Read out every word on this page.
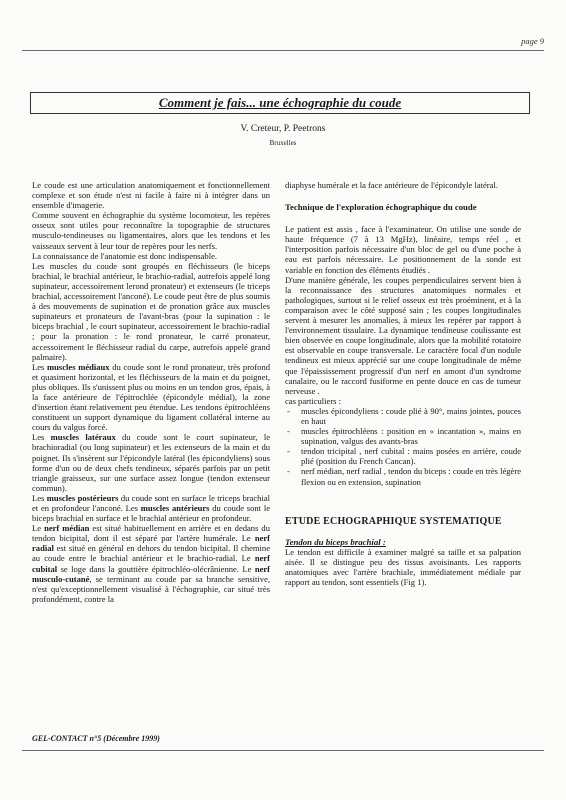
page 9
Comment je fais... une échographie du coude
V. Creteur, P. Peetrons
Bruxelles

Le coude est une articulation anatomiquement et fonctionnellement complexe et son étude n'est ni facile à faire ni à intégrer dans un ensemble d'imagerie.

Comme souvent en échographie du système locomoteur, les repères osseux sont utiles pour reconnaître la topographie de structures musculo-tendineuses ou ligamentaires, alors que les tendons et les vaisseaux servent à leur tour de repères pour les nerfs.

La connaissance de l'anatomie est donc indispensable.

Les muscles du coude sont groupés en fléchisseurs (le biceps brachial, le brachial antérieur, le brachio-radial, autrefois appelé long supinateur, accessoirement lerond pronateur) et extenseurs (le triceps brachial, accessoirement l'anconé). Le coude peut être de plus soumis à des mouvements de supination et de pronation grâce aux muscles supinateurs et pronateurs de l'avant-bras (pour la supination : le biceps brachial , le court supinateur, accessoirement le brachio-radial ; pour la pronation : le rond pronateur, le carré pronateur, accessoirement le fléchisseur radial du carpe, autrefois appelé grand palmaire).

Les muscles médiaux du coude sont le rond pronateur, très profond et quasiment horizontal, et les fléchisseurs de la main et du poignet, plus obliques. Ils s'unissent plus ou moins en un tendon gros, épais, à la face antérieure de l'épitrochlée (épicondyle médial), la zone d'insertion étant relativement peu étendue. Les tendons épitrochléens constituent un support dynamique du ligament collatéral interne au cours du valgus forcé.

Les muscles latéraux du coude sont le court supinateur, le brachioradial (ou long supinateur) et les extenseurs de la main et du poignet. Ils s'insèrent sur l'épicondyle latéral (les épicondyliens) sous forme d'un ou de deux chefs tendineux, séparés parfois par un petit triangle graisseux, sur une surface assez longue (tendon extenseur commun).

Les muscles postérieurs du coude sont en surface le triceps brachial et en profondeur l'anconé. Les muscles antérieurs du coude sont le biceps brachial en surface et le brachial antérieur en profondeur.

Le nerf médian est situé habituellement en arrière et en dedans du tendon bicipital, dont il est séparé par l'artère humérale. Le nerf radial est situé en général en dehors du tendon bicipital. Il chemine au coude entre le brachial antérieur et le brachio-radial. Le nerf cubital se loge dans la gouttière épitrochléo-olécrânienne. Le nerf musculo-cutané, se terminant au coude par sa branche sensitive, n'est qu'exceptionnellement visualisé à l'échographie, car situé très profondément, contre la

diaphyse humérale et la face antérieure de l'épicondyle latéral.

Technique de l'exploration échographique du coude

Le patient est assis , face à l'examinateur. On utilise une sonde de haute fréquence (7 à 13 MgHz), linéaire, temps réel , et l'interposition parfois nécessaire d'un bloc de gel ou d'une poche à eau est parfois nécessaire. Le positionnement de la sonde est variable en fonction des éléments étudiés .

D'une manière générale, les coupes perpendiculaires servent bien à la reconnaissance des structures anatomiques normales et pathologiques, surtout si le relief osseux est très proéminent, et à la comparaison avec le côté supposé sain ; les coupes longitudinales servent à mesurer les anomalies, à mieux les repérer par rapport à l'environnement tissulaire. La dynamique tendineuse coulissante est bien observée en coupe longitudinale, alors que la mobilité rotatoire est observable en coupe transversale. Le caractère focal d'un nodule tendineux est mieux apprécié sur une coupe longitudinale de même que l'épaississement progressif d'un nerf en amont d'un syndrome canalaire, ou le raccord fusiforme en pente douce en cas de tumeur nerveuse .

cas particuliers :

- muscles épicondyliens : coude plié à 90°, mains jointes, pouces en haut
- muscles épitrochléens : position en « incantation », mains en supination, valgus des avants-bras
- tendon tricipital , nerf cubital : mains posées en arrière, coude plié (position du French Cancan).
- nerf médian, nerf radial , tendon du biceps : coude en très légère flexion ou en extension, supination
ETUDE ECHOGRAPHIQUE SYSTEMATIQUE
Tendon du biceps brachial :

Le tendon est difficile à examiner malgré sa taille et sa palpation aisée. Il se distingue peu des tissus avoisinants. Les rapports anatomiques avec l'artère brachiale, immédiatement médiale par rapport au tendon, sont essentiels (Fig 1).

GEL-CONTACT n°5 (Décembre 1999)
